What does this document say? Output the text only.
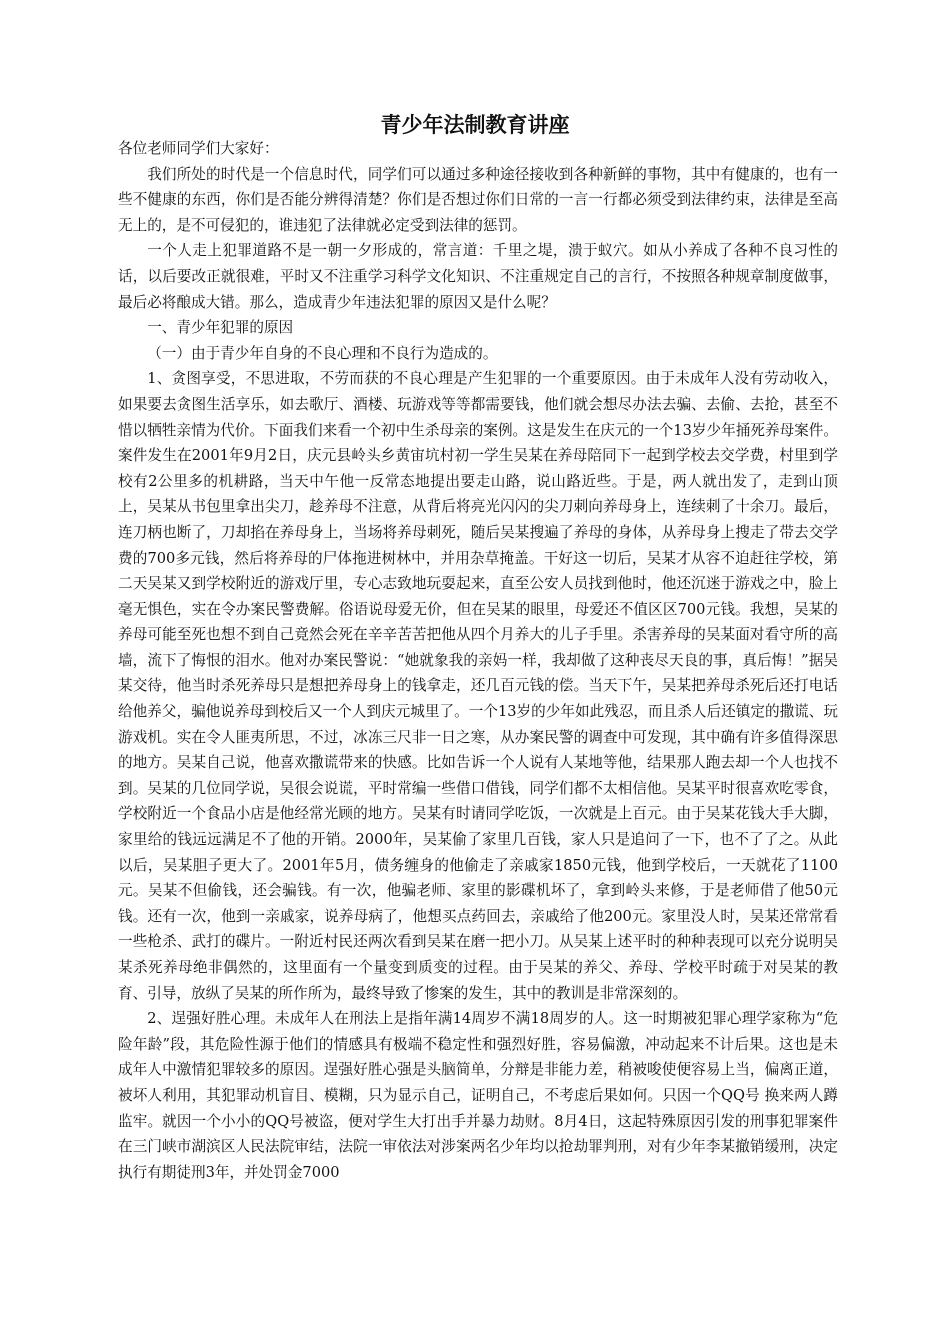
青少年法制教育讲座

各位老师同学们大家好：

我们所处的时代是一个信息时代，同学们可以通过多种途径接收到各种新鲜的事物，其中有健康的，也有一些不健康的东西，你们是否能分辨得清楚？你们是否想过你们日常的一言一行都必须受到法律约束，法律是至高无上的，是不可侵犯的，谁违犯了法律就必定受到法律的惩罚。

一个人走上犯罪道路不是一朝一夕形成的，常言道：千里之堤，溃于蚁穴。如从小养成了各种不良习性的话，以后要改正就很难，平时又不注重学习科学文化知识、不注重规定自己的言行，不按照各种规章制度做事，最后必将酿成大错。那么，造成青少年违法犯罪的原因又是什么呢？

一、青少年犯罪的原因

（一）由于青少年自身的不良心理和不良行为造成的。

1、贪图享受，不思进取，不劳而获的不良心理是产生犯罪的一个重要原因。由于未成年人没有劳动收入，如果要去贪图生活享乐，如去歌厅、酒楼、玩游戏等等都需要钱，他们就会想尽办法去骗、去偷、去抢，甚至不惜以牺牲亲情为代价。下面我们来看一个初中生杀母亲的案例。这是发生在庆元的一个13岁少年捅死养母案件。案件发生在2001年9月2日，庆元县岭头乡黄宙坑村初一学生吴某在养母陪同下一起到学校去交学费，村里到学校有2公里多的机耕路，当天中午他一反常态地提出要走山路，说山路近些。于是，两人就出发了，走到山顶上，吴某从书包里拿出尖刀，趁养母不注意，从背后将亮光闪闪的尖刀刺向养母身上，连续刺了十余刀。最后，连刀柄也断了，刀却掐在养母身上，当场将养母刺死，随后吴某搜遍了养母的身体，从养母身上搜走了带去交学费的700多元钱，然后将养母的尸体拖进树林中，并用杂草掩盖。干好这一切后，吴某才从容不迫赶往学校，第二天吴某又到学校附近的游戏厅里，专心志致地玩耍起来，直至公安人员找到他时，他还沉迷于游戏之中，脸上毫无惧色，实在令办案民警费解。俗语说母爱无价，但在吴某的眼里，母爱还不值区区700元钱。我想，吴某的养母可能至死也想不到自己竟然会死在辛辛苦苦把他从四个月养大的儿子手里。杀害养母的吴某面对看守所的高墙，流下了悔恨的泪水。他对办案民警说：“她就象我的亲妈一样，我却做了这种丧尽天良的事，真后悔！”据吴某交待，他当时杀死养母只是想把养母身上的钱拿走，还几百元钱的偿。当天下午，吴某把养母杀死后还打电话给他养父，骗他说养母到校后又一个人到庆元城里了。一个13岁的少年如此残忍，而且杀人后还镇定的撒谎、玩游戏机。实在令人匪夷所思，不过，冰冻三尺非一日之寒，从办案民警的调查中可发现，其中确有许多值得深思的地方。吴某自己说，他喜欢撒谎带来的快感。比如告诉一个人说有人某地等他，结果那人跑去却一个人也找不到。吴某的几位同学说，吴很会说谎，平时常编一些借口借钱，同学们都不太相信他。吴某平时很喜欢吃零食，学校附近一个食品小店是他经常光顾的地方。吴某有时请同学吃饭，一次就是上百元。由于吴某花钱大手大脚，家里给的钱远远满足不了他的开销。2000年，吴某偷了家里几百钱，家人只是追问了一下，也不了了之。从此以后，吴某胆子更大了。2001年5月，债务缠身的他偷走了亲戚家1850元钱，他到学校后，一天就花了1100元。吴某不但偷钱，还会骗钱。有一次，他骗老师、家里的影碟机坏了，拿到岭头来修，于是老师借了他50元钱。还有一次，他到一亲戚家，说养母病了，他想买点药回去，亲戚给了他200元。家里没人时，吴某还常常看一些枪杀、武打的碟片。一附近村民还两次看到吴某在磨一把小刀。从吴某上述平时的种种表现可以充分说明吴某杀死养母绝非偶然的，这里面有一个量变到质变的过程。由于吴某的养父、养母、学校平时疏于对吴某的教育、引导，放纵了吴某的所作所为，最终导致了惨案的发生，其中的教训是非常深刻的。

2、逞强好胜心理。未成年人在刑法上是指年满14周岁不满18周岁的人。这一时期被犯罪心理学家称为“危险年龄”段，其危险性源于他们的情感具有极端不稳定性和强烈好胜，容易偏激，冲动起来不计后果。这也是未成年人中激情犯罪较多的原因。逞强好胜心强是头脑简单，分辩是非能力差，稍被唆使便容易上当，偏离正道，被坏人利用，其犯罪动机盲目、模糊，只为显示自己，证明自己，不考虑后果如何。只因一个QQ号 换来两人蹲监牢。就因一个小小的QQ号被盗，便对学生大打出手并暴力劫财。8月4日，这起特殊原因引发的刑事犯罪案件在三门峡市湖滨区人民法院审结，法院一审依法对涉案两名少年均以抢劫罪判刑，对有少年李某撤销缓刑，决定执行有期徒刑3年，并处罚金7000
